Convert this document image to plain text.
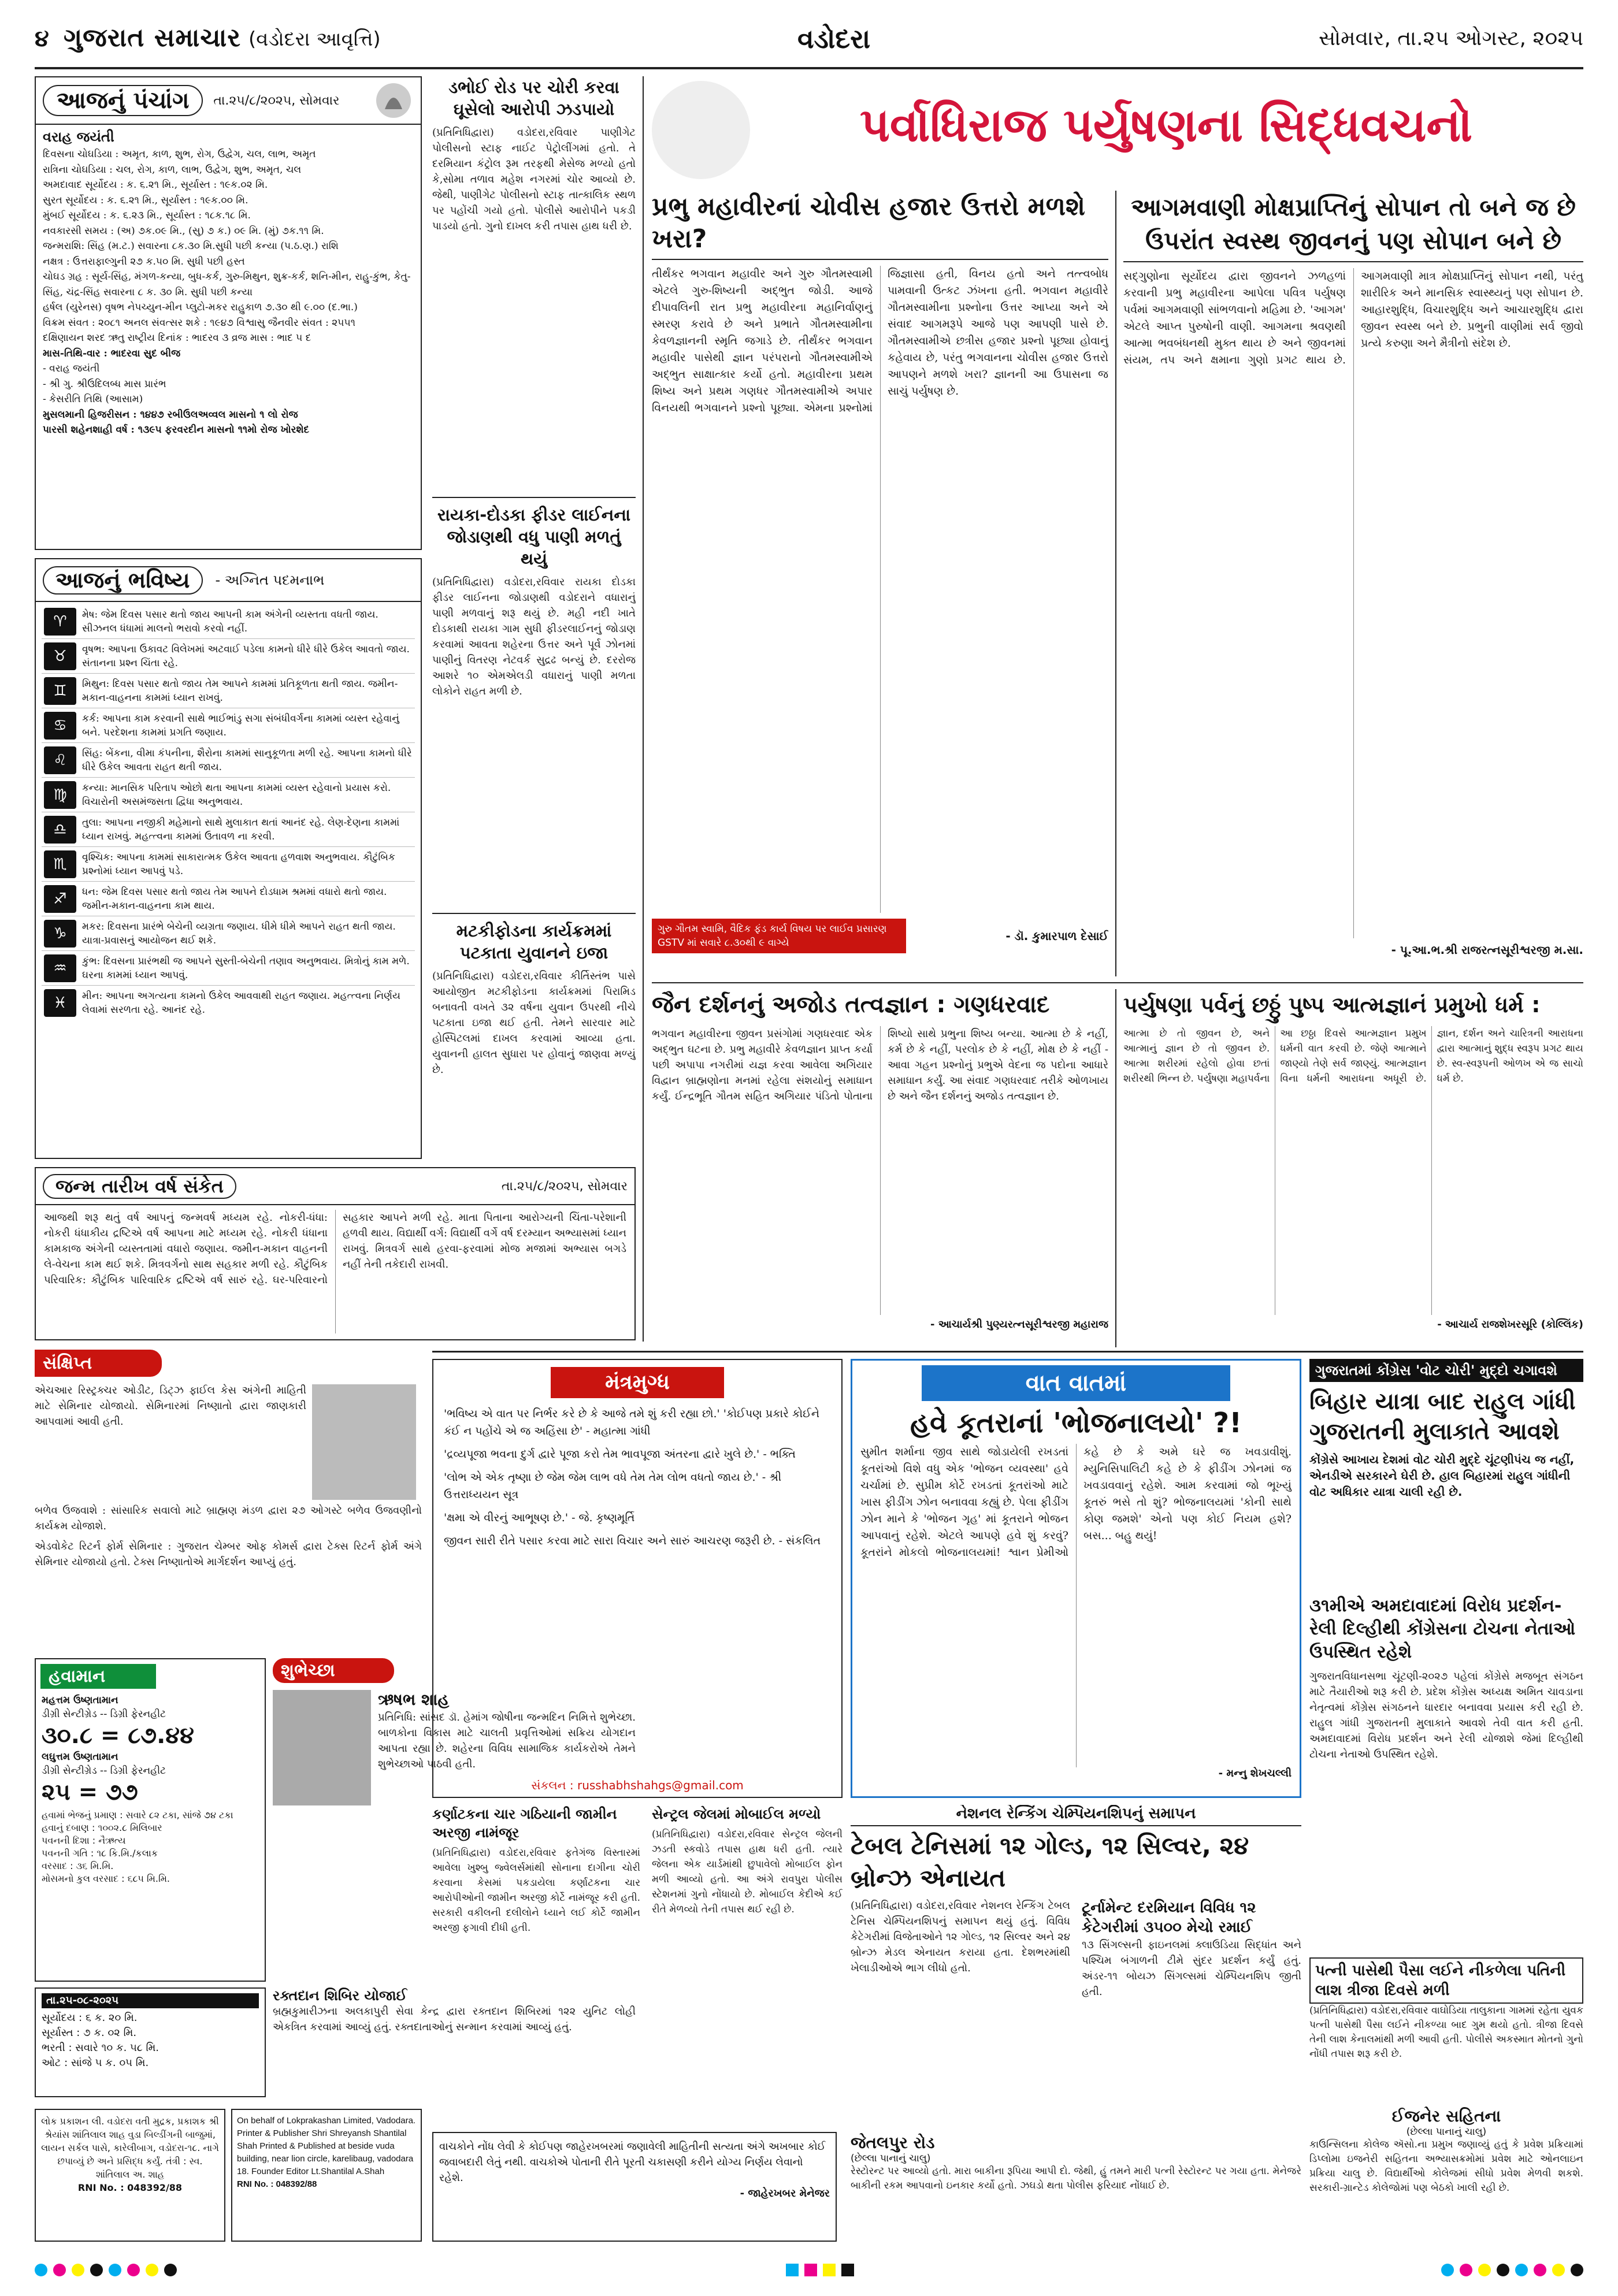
૪ ગુજરાત સમાચાર (વડોદરા આવૃત્તિ)	વડોદરા	સોમવાર, તા.૨૫ ઓગસ્ટ, ૨૦૨૫
આજનું પંચાંગ	તા.૨૫/૮/૨૦૨૫, સોમવાર
વરાહ જયંતી
દિવસના ચોઘડિયા : અમૃત, કાળ, શુભ, રોગ, ઉદ્વેગ, ચલ, લાભ, અમૃત
રાત્રિના ચોઘડિયા : ચલ, રોગ, કાળ, લાભ, ઉદ્વેગ, શુભ, અમૃત, ચલ
અમદાવાદ સૂર્યોદય : ક. ૬.૨૧ મિ., સૂર્યાસ્ત : ૧૯ક.૦૨ મિ.
સુરત સૂર્યોદય : ક. ૬.૨૧ મિ., સૂર્યાસ્ત : ૧૯ક.૦૦ મિ.
મુંબઈ સૂર્યોદય : ક. ૬.૨૩ મિ., સૂર્યાસ્ત : ૧૮ક.૧૮ મિ.
નવકારસી સમય : (અ) ૭ક.૦૯ મિ., (સુ) ૭ ક.) ૦૯ મિ. (મું) ૭ક.૧૧ મિ.
જન્મરાશિ: સિંહ (મ.ટ.) સવારના ૮ક.૩૦ મિ.સુધી પછી કન્યા (પ.ઠ.ણ.) રાશિ
નક્ષત્ર : ઉત્તરાફાલ્ગુની ૨૭ ક.૫૦ મિ. સુધી પછી હસ્ત
ચોઘડ ગ્રહ : સૂર્ય-સિંહ, મંગળ-કન્યા, બુધ-કર્ક, ગુરુ-મિથુન, શુક્ર-કર્ક, શનિ-મીન, રાહુ-કુંભ, કેતુ-સિંહ, ચંદ્ર-સિંહ સવારના ૮ ક. ૩૦ મિ. સુધી પછી કન્યા
હર્ષલ (યુરેનસ) વૃષભ નેપચ્યુન-મીન પ્લુટો-મકર રાહુકાળ ૭.૩૦ થી ૯.૦૦ (દ.ભા.)
વિક્રમ સંવત : ૨૦૮૧ અનલ સંવત્સર શકે : ૧૯૪૭ વિશ્વાસુ જૈનવીર સંવત : ૨૫૫૧
દક્ષિણાયન શરદ ઋતુ રાષ્ટ્રીય દિનાંક : ભાદરવ ૩ વ્રજ માસ : ભાદ ૫ દ
માસ-તિથિ-વાર : ભાદરવા સુદ બીજ
- વરાહ જયંતી
- શ્રી ગુ. શ્રીઉદિલબ્ધ માસ પ્રારંભ
- કેસરીતિ તિથિ (આસામ)
મુસલમાની હિજરીસન : ૧૪૪૭ રબીઉલઅવ્વલ માસનો ૧ લો રોજ
પારસી શહેનશાહી વર્ષ : ૧૩૯૫ ફરવરદીન માસનો ૧૧મો રોજ ખોરશેદ
આજનું ભવિષ્ય	- અગ્નિ‌ત પદમનાભ
♈	મેષ: જેમ દિવસ પસાર થતો જાય આપની કામ અંગેની વ્યસ્તતા વધતી જાય. સીઝનલ ધંધામાં માલનો ભરાવો કરવો નહીં.
♉	વૃષભ: આપના ઉકાવટ વિલેખમાં અટવાઈ પડેલા કામનો ધીરે ધીરે ઉકેલ આવતો જાય. સંતાનના પ્રશ્ન ચિંતા રહે.
♊	મિથુન: દિવસ પસાર થતો જાય તેમ આપને કામમાં પ્રતિકૂળતા થતી જાય. જમીન-મકાન-વાહનના કામમાં ધ્યાન રાખવું.
♋	કર્ક: આપના કામ કરવાની સાથે ભાઈભાંડુ સગા સંબંધીવર્ગના કામમાં વ્યસ્ત રહેવાનું બને. પરદેશના કામમાં પ્રગતિ જણાય.
♌	સિંહ: બેંકના, વીમા કંપનીના, શૈરોના કામમાં સાનુકૂળતા મળી રહે. આપના કામનો ધીરે ધીરે ઉકેલ આવતા રાહત થતી જાય.
♍	કન્યા: માનસિક પરિતાપ ઓછો થતા આપના કામમાં વ્યસ્ત રહેવાનો પ્રયાસ કરો. વિચારોની અસમંજસતા દ્વિધા અનુભવાય.
♎	તુલા: આપના નજીકી મહેમાનો સાથે મુલાકાત થતાં આનંદ રહે. લેણ-દેણના કામમાં ધ્યાન રાખવું. મહત્ત્વના કામમાં ઉતાવળ ના કરવી.
♏	વૃશ્ચિક: આપના કામમાં સાકારાત્મક ઉકેલ આવતા હળવાશ અનુભવાય. કૌટુંબિક પ્રશ્નોમાં ધ્યાન આપવું પડે.
♐	ધન: જેમ દિવસ પસાર થતો જાય તેમ આપને દોડધામ શ્રમમાં વધારો થતો જાય. જમીન-મકાન-વાહનના કામ થાય.
♑	મકર: દિવસના પ્રારંભે બેચેની વ્યગ્રતા જણાય. ધીમે ધીમે આપને રાહત થતી જાય. યાત્રા-પ્રવાસનું આયોજન થઈ શકે.
♒	કુંભ: દિવસના પ્રારંભથી જ આપને સુસ્તી-બેચેની તણાવ અનુભવાય. મિત્રોનું કામ મળે. ઘરના કામમાં ધ્યાન આપવું.
♓	મીન: આપના અગત્યના કામનો ઉકેલ આવવાથી રાહત જણાય. મહત્ત્વના નિર્ણય લેવામાં સરળતા રહે. આનંદ રહે.
જન્મ તારીખ વર્ષ સંકેત	તા.૨૫/૮/૨૦૨૫, સોમવાર
આજથી શરૂ થતું વર્ષ આપનું જન્મવર્ષ મધ્યમ રહે. નોકરી-ધંધા: નોકરી ધંધાકીય દ્રષ્ટિએ વર્ષ આપના માટે મધ્યમ રહે. નોકરી ધંધાના કામકાજ અંગેની વ્યસ્તતામાં વધારો જણાય. જમીન-મકાન વાહનની લે-વેચના કામ થઈ શકે. મિત્રવર્ગનો સાથ સહકાર મળી રહે. કૌટુંબિક પરિવારિક: કૌટુંબિક પારિવારિક દ્રષ્ટિએ વર્ષ સારું રહે. ઘર-પરિવારનો સહકાર આપને મળી રહે. માતા પિતાના આરોગ્યની ચિંતા-પરેશાની હળવી થાય. વિદ્યાર્થી વર્ગ: વિદ્યાર્થી વર્ગે વર્ષ દરમ્યાન અભ્યાસમાં ધ્યાન રાખવું. મિત્રવર્ગ સાથે હરવા-ફરવામાં મોજ મજામાં અભ્યાસ બગડે નહીં તેની તકેદારી રાખવી.
ડભોઈ રોડ પર ચોરી કરવા ઘૂસેલો આરોપી ઝડપાયો
(પ્રતિનિધિદ્વારા) વડોદરા,રવિવાર પાણીગેટ પોલીસનો સ્ટાફ નાઈટ પેટ્રોલીંગમાં હતો. તે દરમિયાન કંટ્રોલ રૂમ તરફથી મેસેજ મળ્યો હતો કે,સોમા તળાવ મહેશ નગરમાં ચોર આવ્યો છે. જેથી, પાણીગેટ પોલીસનો સ્ટાફ તાત્કાલિક સ્થળ પર પહોંચી ગયો હતો. પોલીસે આરોપીને પકડી પાડયો હતો. ગુનો દાખલ કરી તપાસ હાથ ધરી છે.
રાયકા-દોડકા ફીડર લાઈનના જોડાણથી વધુ પાણી મળતું થયું
(પ્રતિનિધિદ્વારા) વડોદરા,રવિવાર રાયકા દોડકા ફીડર લાઈનના જોડાણથી વડોદરાને વધારાનું પાણી મળવાનું શરૂ થયું છે. મહી નદી ખાતે દોડકાથી રાયકા ગામ સુધી ફીડરલાઈનનું જોડાણ કરવામાં આવતા શહેરના ઉત્તર અને પૂર્વ ઝોનમાં પાણીનું વિતરણ નેટવર્ક સુદ્રઢ બન્યું છે. દરરોજ આશરે ૧૦ એમએલડી વધારાનું પાણી મળતા લોકોને રાહત મળી છે.
મટકીફોડના કાર્યક્રમમાં પટકાતા યુવાનને ઇજા
(પ્રતિનિધિદ્વારા) વડોદરા,રવિવાર કીર્તિસ્તંભ પાસે આયોજીત મટકીફોડના કાર્યક્રમમાં પિરામિડ બનાવતી વખતે ૩૨ વર્ષના યુવાન ઉપરથી નીચે પટકાતા ઇજા થઈ હતી. તેમને સારવાર માટે હોસ્પિટલમાં દાખલ કરવામાં આવ્યા હતા. યુવાનની હાલત સુધારા પર હોવાનું જાણવા મળ્યું છે.
પર્વાધિરાજ પર્યુષણના સિદ્ધવચનો
પ્રભુ મહાવીરનાં ચોવીસ હજાર ઉત્તરો મળશે ખરા?
તીર્થંકર ભગવાન મહાવીર અને ગુરુ ગૌતમસ્વામી એટલે ગુરુ-શિષ્યની અદ્ભુત જોડી. આજે દીપાવલિની રાત પ્રભુ મહાવીરના મહાનિર્વાણનું સ્મરણ કરાવે છે અને પ્રભાતે ગૌતમસ્વામીના કેવળજ્ઞાનની સ્મૃતિ જગાડે છે. તીર્થંકર ભગવાન મહાવીર પાસેથી જ્ઞાન પરંપરાનો ગૌતમસ્વામીએ અદ્ભુત સાક્ષાત્કાર કર્યો હતો. મહાવીરના પ્રથમ શિષ્ય અને પ્રથમ ગણધર ગૌતમસ્વામીએ અપાર વિનયથી ભગવાનને પ્રશ્નો પૂછ્યા. એમના પ્રશ્નોમાં જિજ્ઞાસા હતી, વિનય હતો અને તત્ત્વબોધ પામવાની ઉત્કટ ઝંખના હતી. ભગવાન મહાવીરે ગૌતમસ્વામીના પ્રશ્નોના ઉત્તર આપ્યા અને એ સંવાદ આગમરૂપે આજે પણ આપણી પાસે છે. ગૌતમસ્વામીએ છત્રીસ હજાર પ્રશ્નો પૂછ્યા હોવાનું કહેવાય છે, પરંતુ ભગવાનના ચોવીસ હજાર ઉત્તરો આપણને મળશે ખરા? જ્ઞાનની આ ઉપાસના જ સાચું પર્યુષણ છે.
ગુરુ ગૌતમ સ્વામિ, વૈદિક ફંડ કાર્ય વિષય પર લાઈવ પ્રસારણ GSTV માં સવારે ૮.૩૦થી ૯ વાગ્યે	- ડૉ. કુમારપાળ દેસાઈ
આગમવાણી મોક્ષપ્રાપ્તિનું સોપાન તો બને જ છે ઉપરાંત સ્વસ્થ જીવનનું પણ સોપાન બને છે
સદ્ગુણોના સૂર્યોદય દ્વારા જીવનને ઝળહળાં કરવાની પ્રભુ મહાવીરના આપેલા પવિત્ર પર્યુષણ પર્વમાં આગમવાણી સાંભળવાનો મહિમા છે. 'આગમ' એટલે આપ્ત પુરુષોની વાણી. આગમના શ્રવણથી આત્મા ભવબંધનથી મુક્ત થાય છે અને જીવનમાં સંયમ, તપ અને ક્ષમાના ગુણો પ્રગટ થાય છે. આગમવાણી માત્ર મોક્ષપ્રાપ્તિનું સોપાન નથી, પરંતુ શારીરિક અને માનસિક સ્વાસ્થ્યનું પણ સોપાન છે. આહારશુદ્ધિ, વિચારશુદ્ધિ અને આચારશુદ્ધિ દ્વારા જીવન સ્વસ્થ બને છે. પ્રભુની વાણીમાં સર્વ જીવો પ્રત્યે કરુણા અને મૈત્રીનો સંદેશ છે.
- પૂ.આ.ભ.શ્રી રાજરત્નસૂરીશ્વરજી મ.સા.
જૈન દર્શનનું અજોડ તત્વજ્ઞાન : ગણધરવાદ
ભગવાન મહાવીરના જીવન પ્રસંગોમાં ગણધરવાદ એક અદ્ભુત ઘટના છે. પ્રભુ મહાવીરે કેવળજ્ઞાન પ્રાપ્ત કર્યા પછી અપાપા નગરીમાં યજ્ઞ કરવા આવેલા અગિયાર વિદ્વાન બ્રાહ્મણોના મનમાં રહેલા સંશયોનું સમાધાન કર્યું. ઈન્દ્રભૂતિ ગૌતમ સહિત અગિયાર પંડિતો પોતાના શિષ્યો સાથે પ્રભુના શિષ્ય બન્યા. આત્મા છે કે નહીં, કર્મ છે કે નહીં, પરલોક છે કે નહીં, મોક્ષ છે કે નહીં - આવા ગહન પ્રશ્નોનું પ્રભુએ વેદના જ પદોના આધારે સમાધાન કર્યું. આ સંવાદ ગણધરવાદ તરીકે ઓળખાય છે અને જૈન દર્શનનું અજોડ તત્વજ્ઞાન છે.
- આચાર્યશ્રી પુણ્યરત્નસૂરીશ્વરજી મહારાજ
પર્યુષણા પર્વનું છઠ્ઠું પુષ્પ આત્મજ્ઞાનં પ્રમુખો ધર્મ :
આત્મા છે તો જીવન છે, અને આત્માનું જ્ઞાન છે તો જીવન છે. આત્મા શરીરમાં રહેલો હોવા છતાં શરીરથી ભિન્ન છે. પર્યુષણા મહાપર્વના આ છઠ્ઠા દિવસે આત્મજ્ઞાન પ્રમુખ ધર્મની વાત કરવી છે. જેણે આત્માને જાણ્યો તેણે સર્વ જાણ્યું. આત્મજ્ઞાન વિના ધર્મની આરાધના અધૂરી છે. જ્ઞાન, દર્શન અને ચારિત્રની આરાધના દ્વારા આત્માનું શુદ્ધ સ્વરૂપ પ્રગટ થાય છે. સ્વ-સ્વરૂપની ઓળખ એ જ સાચો ધર્મ છે.
- આચાર્ય રાજશેખરસૂરિ (કોલ્લિંક)
સંક્ષિપ્ત
એચઆર રિસ્ટ્રક્ચર ઓડીટ, ડિટ્ઝ ફાઈલ કેસ અંગેની માહિતી માટે સેમિનાર યોજાયો. સેમિનારમાં નિષ્ણાતો દ્વારા જાણકારી આપવામાં આવી હતી.
બળેવ ઉજવાશે : સાંસારિક સવાલો માટે બ્રાહ્મણ મંડળ દ્વારા ૨૭ ઓગસ્ટે બળેવ ઉજવણીનો કાર્યક્રમ યોજાશે.
એડવોકેટ રિટર્ન ફોર્મ સેમિનાર : ગુજરાત ચેમ્બર ઓફ કોમર્સ દ્વારા ટેક્સ રિટર્ન ફોર્મ અંગે સેમિનાર યોજાયો હતો. ટેક્સ નિષ્ણાતોએ માર્ગદર્શન આપ્યું હતું.
હવામાન
મહત્તમ ઉષ્ણતામાન
ડીગ્રી સેન્ટીગ્રેડ -- ડિગ્રી ફેરનહીટ
૩૦.૮ = ૮૭.૪૪
લઘુત્તમ ઉષ્ણતામાન
ડીગ્રી સેન્ટીગ્રેડ -- ડિગ્રી ફેરનહીટ
૨૫ = ૭૭
હવામાં ભેજનું પ્રમાણ : સવારે ૮૨ ટકા, સાંજે ૭૪ ટકા
હવાનું દબાણ : ૧૦૦૨.૮ મિલિબાર
પવનની દિશા : નૈઋત્ય
પવનની ગતિ : ૧૮ કિ.મિ./કલાક
વરસાદ : ૩૬ મિ.મિ.
મોસમનો કુલ વરસાદ : ૬૮૫ મિ.મિ.
તા.૨૫-૦૮-૨૦૨૫
સૂર્યોદય : ૬ ક. ૨૦ મિ.
સૂર્યાસ્ત : ૭ ક. ૦૨ મિ.
ભરતી : સવારે ૧૦ ક. ૫૮ મિ.
ઓટ : સાંજે ૫ ક. ૦૫ મિ.
શુભેચ્છા
ઋષભ શાહ
પ્રતિનિધિ: સાંસદ ડૉ. હેમાંગ જોષીના જન્મદિન નિમિત્તે શુભેચ્છા. બાળકોના વિકાસ માટે ચાલતી પ્રવૃત્તિઓમાં સક્રિય યોગદાન આપતા રહ્યા છે. શહેરના વિવિધ સામાજિક કાર્યકરોએ તેમને શુભેચ્છાઓ પાઠવી હતી.
રક્તદાન શિબિર યોજાઈ
બ્રહ્મકુમારીઝના અલકાપુરી સેવા કેન્દ્ર દ્વારા રક્તદાન શિબિરમાં ૧૨૨ યુનિટ લોહી એકત્રિત કરવામાં આવ્યું હતું. રક્તદાતાઓનું સન્માન કરવામાં આવ્યું હતું.
મંત્રમુગ્ધ

'ભવિષ્ય એ વાત પર નિર્ભર કરે છે કે આજે તમે શું કરી રહ્યા છો.' 'કોઈપણ પ્રકારે કોઈને કંઈ ન પહોંચે એ જ અહિંસા છે' - મહાત્મા ગાંધી

'દ્રવ્યપૂજા ભવના દુર્ગ દ્વારે પૂજા કરો તેમ ભાવપૂજા અંતરના દ્વારે ખુલે છે.' - ભક્તિ

'લોભ એ એક તૃષ્ણા છે જેમ જેમ લાભ વધે તેમ તેમ લોભ વધતો જાય છે.' - શ્રી ઉત્તરાધ્યયન સૂત્ર

'ક્ષમા એ વીરનું આભૂષણ છે.' - જે. કૃષ્ણમૂર્તિ

જીવન સારી રીતે પસાર કરવા માટે સારા વિચાર અને સારું આચરણ જરૂરી છે. - સંકલિત

સંકલન : russhabhshahgs@gmail.com
વાત વાતમાં
હવે કૂતરાનાં 'ભોજનાલયો' ?!
સુમીત શર્માના જીવ સાથે જોડાયેલી રખડતાં કૂતરાંઓ વિશે વધુ એક 'ભોજન વ્યવસ્થા' હવે ચર્ચામાં છે. સુપ્રીમ કોર્ટે રખડતાં કૂતરાંઓ માટે ખાસ ફીડીંગ ઝોન બનાવવા કહ્યું છે. પેલા ફીડીંગ ઝોન માને કે 'ભોજન ગૃહ' માં કૂતરાને ભોજન આપવાનું રહેશે. એટલે આપણે હવે શું કરવું? કૂતરાંને મોકલો ભોજનાલયમાં! શ્વાન પ્રેમીઓ કહે છે કે અમે ઘરે જ ખવડાવીશું. મ્યુનિસિપાલિટી કહે છે કે ફીડીંગ ઝોનમાં જ ખવડાવવાનું રહેશે. આમ કરવામાં જો ભૂખ્યું કૂતરું ભસે તો શું? ભોજનાલયમાં 'કોની સાથે કોણ જમશે' એનો પણ કોઈ નિયમ હશે? બસ... બહુ થયું!
- મન્નુ શેખચલ્લી
ગુજરાતમાં કોંગ્રેસ 'વોટ ચોરી' મુદ્દો ચગાવશે
બિહાર યાત્રા બાદ રાહુલ ગાંધી ગુજરાતની મુલાકાતે આવશે
કોંગ્રેસે આખાય દેશમાં વોટ ચોરી મુદ્દે ચૂંટણીપંચ જ નહીં, એનડીએ સરકારને ઘેરી છે. હાલ બિહારમાં રાહુલ ગાંધીની વોટ અધિકાર યાત્રા ચાલી રહી છે.
૩૧મીએ અમદાવાદમાં વિરોધ પ્રદર્શન-રેલી દિલ્હીથી કોંગ્રેસના ટોચના નેતાઓ ઉપસ્થિત રહેશે
ગુજરાતવિધાનસભા ચૂંટણી-૨૦૨૭ પહેલાં કોંગ્રેસે મજબૂત સંગઠન માટે તૈયારીઓ શરૂ કરી છે. પ્રદેશ કોંગ્રેસ અધ્યક્ષ અમિત ચાવડાના નેતૃત્વમાં કોંગ્રેસ સંગઠનને ધારદાર બનાવવા પ્રયાસ કરી રહી છે. રાહુલ ગાંધી ગુજરાતની મુલાકાતે આવશે તેવી વાત કરી હતી. અમદાવાદમાં વિરોધ પ્રદર્શન અને રેલી યોજાશે જેમાં દિલ્હીથી ટોચના નેતાઓ ઉપસ્થિત રહેશે.
સેન્ટ્રલ જેલમાં મોબાઈલ મળ્યો
(પ્રતિનિધિદ્વારા) વડોદરા,રવિવાર સેન્ટ્રલ જેલની ઝડતી સ્કવોડે તપાસ હાથ ધરી હતી. ત્યારે જેલના એક યાર્ડમાંથી છુપાવેલો મોબાઈલ ફોન મળી આવ્યો હતો. આ અંગે રાવપુરા પોલીસ સ્ટેશનમાં ગુનો નોંધાયો છે. મોબાઈલ કેદીએ કઈ રીતે મેળવ્યો તેની તપાસ થઈ રહી છે.
કર્ણાટકના ચાર ગઠિયાની જામીન અરજી નામંજૂર
(પ્રતિનિધિદ્વારા) વડોદરા,રવિવાર ફતેગંજ વિસ્તારમાં આવેલા ખુશ્બુ જ્વેલર્સમાંથી સોનાના દાગીના ચોરી કરવાના કેસમાં પકડાયેલા કર્ણાટકના ચાર આરોપીઓની જામીન અરજી કોર્ટે નામંજૂર કરી હતી. સરકારી વકીલની દલીલોને ધ્યાને લઈ કોર્ટે જામીન અરજી ફગાવી દીધી હતી.
નેશનલ રેન્કિંગ ચેમ્પિયનશિપનું સમાપન
ટેબલ ટેનિસમાં ૧૨ ગોલ્ડ, ૧૨ સિલ્વર, ૨૪ બ્રોન્ઝ એનાયત
(પ્રતિનિધિદ્વારા) વડોદરા,રવિવાર નેશનલ રેન્કિંગ ટેબલ ટેનિસ ચેમ્પિયનશિપનું સમાપન થયું હતું. વિવિધ કેટેગરીમાં વિજેતાઓને ૧૨ ગોલ્ડ, ૧૨ સિલ્વર અને ૨૪ બ્રોન્ઝ મેડલ એનાયત કરાયા હતા. દેશભરમાંથી ખેલાડીઓએ ભાગ લીધો હતો.
ટૂર્નામેન્ટ દરમિયાન વિવિધ ૧૨ કેટેગરીમાં ૩૫૦૦ મેચો રમાઈ
૧૩ સિંગલ્સની ફાઇનલમાં ક્લાઉડિયા સિદ્ધાંત અને પશ્ચિમ બંગાળની ટીમે સુંદર પ્રદર્શન કર્યું હતું. અંડર-૧૧ બોયઝ સિંગલ્સમાં ચેમ્પિયનશિપ જીતી હતી.
પત્ની પાસેથી પૈસા લઈને નીકળેલા પતિની લાશ ત્રીજા દિવસે મળી
(પ્રતિનિધિદ્વારા) વડોદરા,રવિવાર વાઘોડિયા તાલુકાના ગામમાં રહેતા યુવક પત્ની પાસેથી પૈસા લઈને નીકળ્યા બાદ ગુમ થયો હતો. ત્રીજા દિવસે તેની લાશ કેનાલમાંથી મળી આવી હતી. પોલીસે અકસ્માત મોતનો ગુનો નોંધી તપાસ શરૂ કરી છે.
ઈજનેર સહિતના
(છેલ્લા પાનાનું ચાલુ)
કાઉન્સિલના કોલેજ ઍસો.ના પ્રમુખ જણાવ્યું હતું કે પ્રવેશ પ્રક્રિયામાં ડિપ્લોમા ઇજનેરી સહિતના અભ્યાસક્રમોમાં પ્રવેશ માટે ઓનલાઇન પ્રક્રિયા ચાલુ છે. વિદ્યાર્થીઓ કોલેજમાં સીધો પ્રવેશ મેળવી શકશે. સરકારી-ગ્રાન્ટેડ કોલેજોમાં પણ બેઠકો ખાલી રહી છે.
જેતલપુર રોડ
(છેલ્લા પાનાનું ચાલુ)
રેસ્ટોરન્ટ પર આવ્યો હતો. મારા બાકીના રૂપિયા આપી દો. જેથી, હું તમને મારી પત્ની રેસ્ટોરન્ટ પર ગયા હતા. મેનેજરે બાકીની રકમ આપવાનો ઇનકાર કર્યો હતો. ઝઘડો થતા પોલીસ ફરિયાદ નોંધાઈ છે.
લોક પ્રકાશન લી. વડોદરા વતી મુદ્રક, પ્રકાશક શ્રી શ્રેયાંસ શાંતિલાલ શાહ વુડા બિલ્ડીંગની બાજુમાં, લાયન સર્કલ પાસે, કારેલીબાગ, વડોદરા-૧૮. નાગે છપાવ્યું છે અને પ્રસિદ્ધ કર્યું. તંત્રી : સ્વ. શાંતિલાલ અ. શાહ
RNI No. : 048392/88
On behalf of Lokprakashan Limited, Vadodara. Printer & Publisher Shri Shreyansh Shantilal Shah Printed & Published at beside vuda building, near lion circle, karelibaug, vadodara 18. Founder Editor Lt.Shantilal A.Shah
RNI No. : 048392/88
વાચકોને નોંધ લેવી કે કોઈપણ જાહેરખબરમાં જણાવેલી માહિતીની સત્યતા અંગે અખબાર કોઈ જવાબદારી લેતું નથી. વાચકોએ પોતાની રીતે પૂરતી ચકાસણી કરીને યોગ્ય નિર્ણય લેવાનો રહેશે.
- જાહેરખબર મેનેજર
